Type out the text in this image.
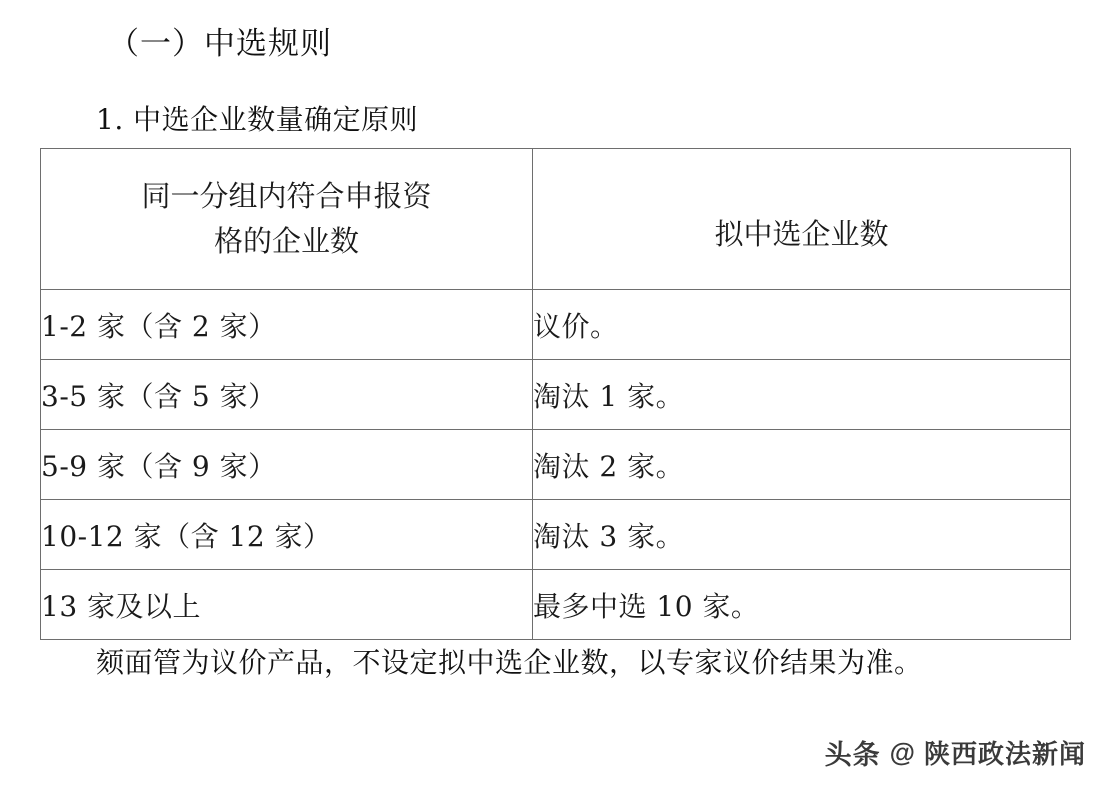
（一）中选规则
1. 中选企业数量确定原则
同一分组内符合申报资
格的企业数	拟中选企业数

1-2 家（含 2 家）	议价。
3-5 家（含 5 家）	淘汰 1 家。
5-9 家（含 9 家）	淘汰 2 家。
10-12 家（含 12 家）	淘汰 3 家。
13 家及以上	最多中选 10 家。
颏面管为议价产品，不设定拟中选企业数，以专家议价结果为准。
头条 @ 陕西政法新闻
